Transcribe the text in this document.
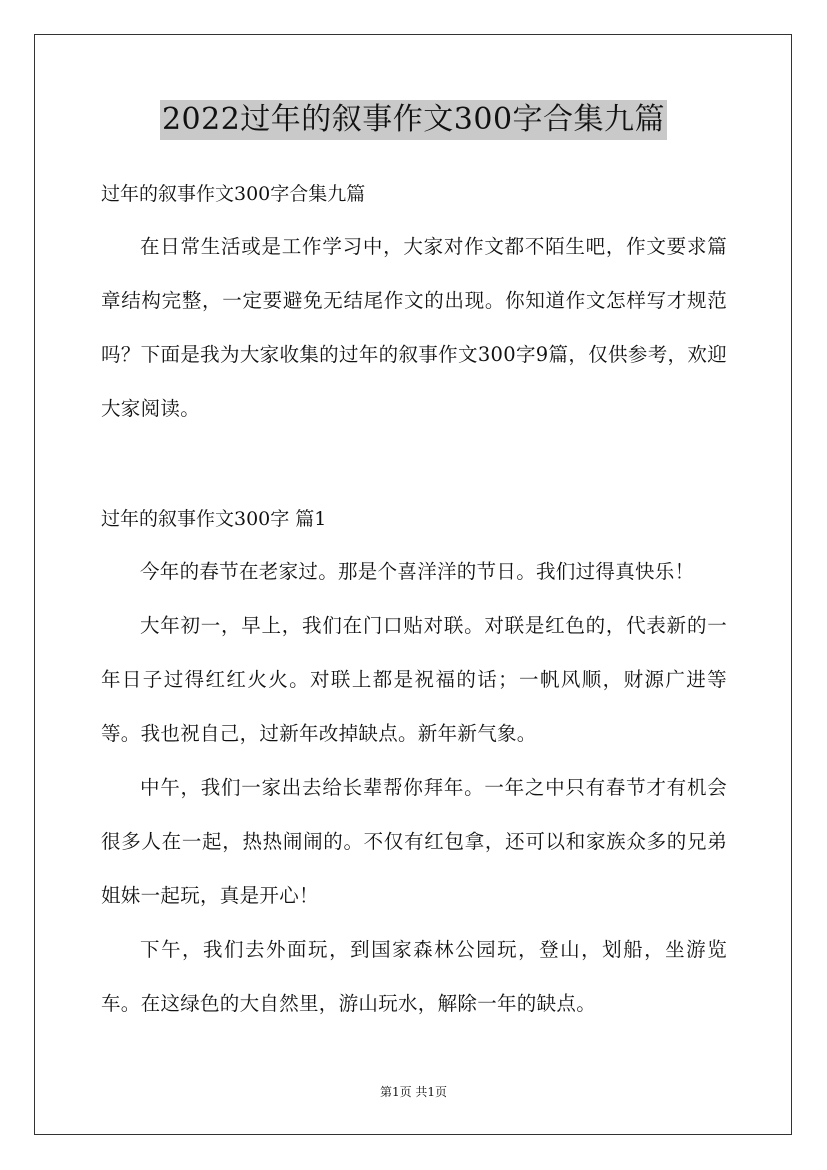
2022过年的叙事作文300字合集九篇
过年的叙事作文300字合集九篇

在日常生活或是工作学习中，大家对作文都不陌生吧，作文要求篇章结构完整，一定要避免无结尾作文的出现。你知道作文怎样写才规范吗？下面是我为大家收集的过年的叙事作文300字9篇，仅供参考，欢迎大家阅读。

过年的叙事作文300字 篇1

今年的春节在老家过。那是个喜洋洋的节日。我们过得真快乐！

大年初一，早上，我们在门口贴对联。对联是红色的，代表新的一年日子过得红红火火。对联上都是祝福的话；一帆风顺，财源广进等等。我也祝自己，过新年改掉缺点。新年新气象。

中午，我们一家出去给长辈帮你拜年。一年之中只有春节才有机会很多人在一起，热热闹闹的。不仅有红包拿，还可以和家族众多的兄弟姐妹一起玩，真是开心！

下午，我们去外面玩，到国家森林公园玩，登山，划船，坐游览车。在这绿色的大自然里，游山玩水，解除一年的缺点。

第1页 共1页
